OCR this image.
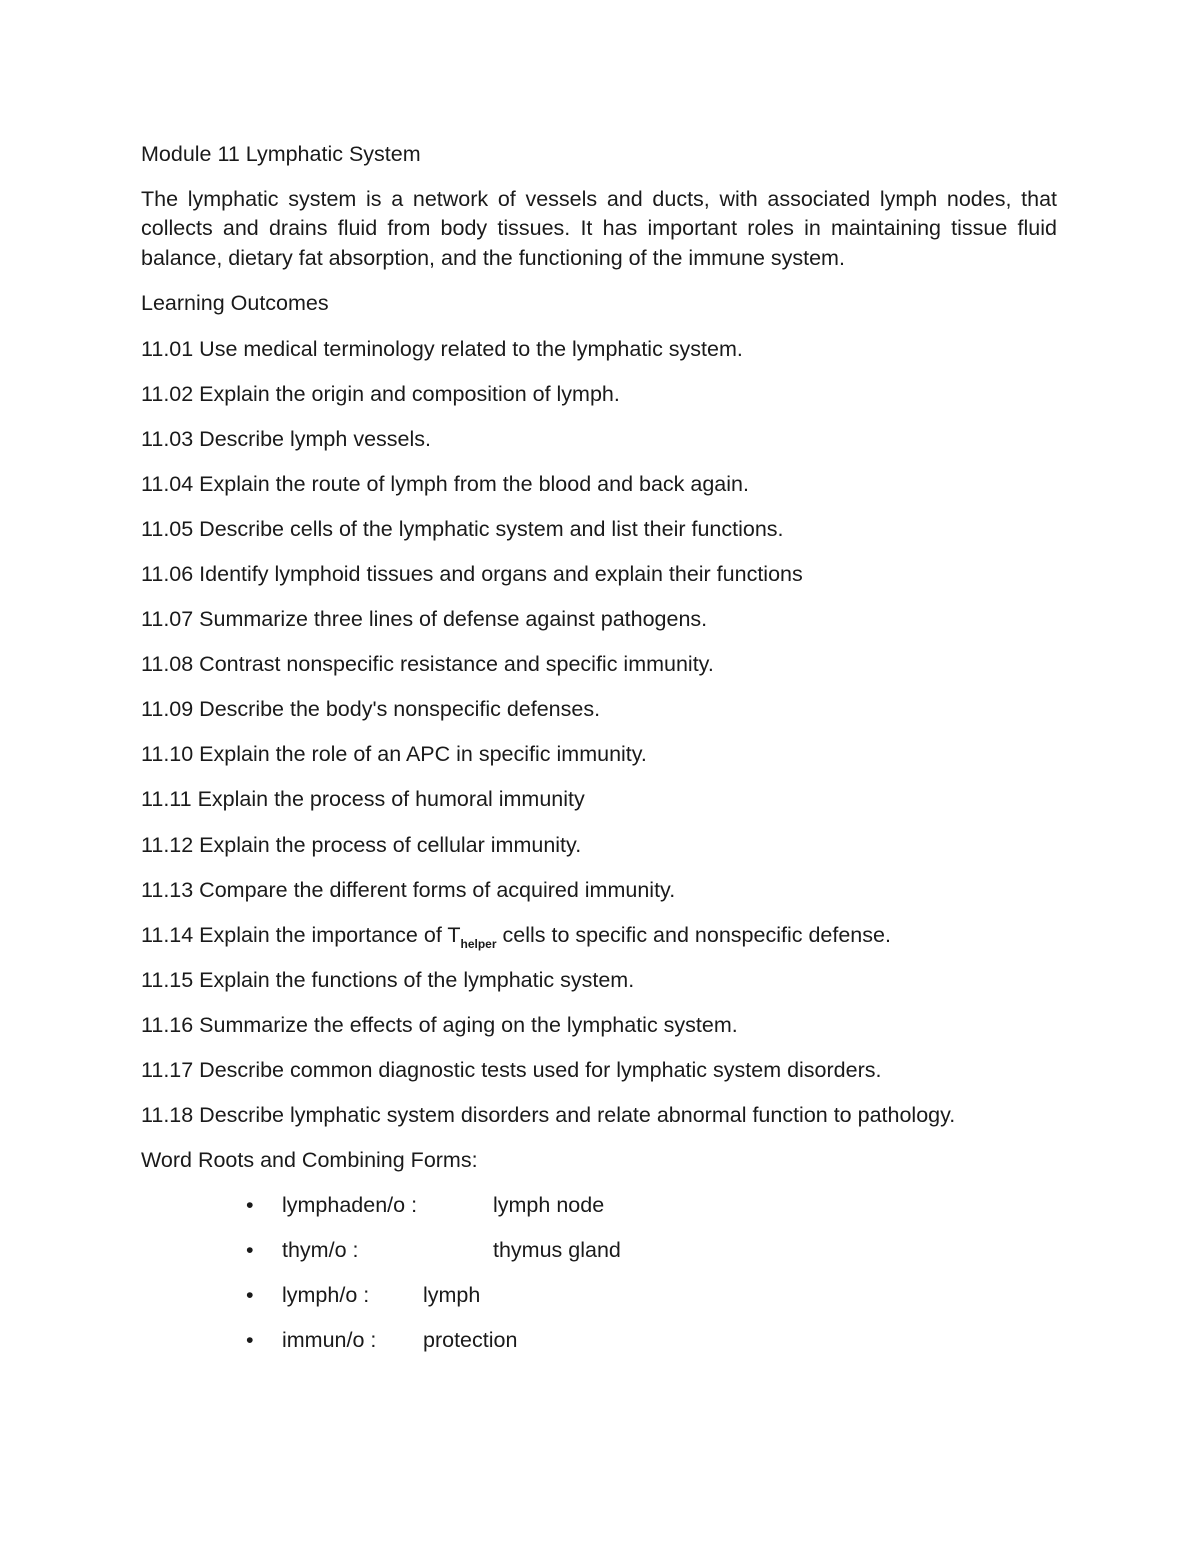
Module 11 Lymphatic System

The lymphatic system is a network of vessels and ducts, with associated lymph nodes, that collects and drains fluid from body tissues. It has important roles in maintaining tissue fluid balance, dietary fat absorption, and the functioning of the immune system.

Learning Outcomes

11.01 Use medical terminology related to the lymphatic system.
11.02 Explain the origin and composition of lymph.
11.03 Describe lymph vessels.
11.04 Explain the route of lymph from the blood and back again.
11.05 Describe cells of the lymphatic system and list their functions.
11.06 Identify lymphoid tissues and organs and explain their functions
11.07 Summarize three lines of defense against pathogens.
11.08 Contrast nonspecific resistance and specific immunity.
11.09 Describe the body's nonspecific defenses.
11.10 Explain the role of an APC in specific immunity.
11.11 Explain the process of humoral immunity
11.12 Explain the process of cellular immunity.
11.13 Compare the different forms of acquired immunity.
11.14 Explain the importance of $T_{helper}$ cells to specific and nonspecific defense.
11.15 Explain the functions of the lymphatic system.
11.16 Summarize the effects of aging on the lymphatic system.
11.17 Describe common diagnostic tests used for lymphatic system disorders.
11.18 Describe lymphatic system disorders and relate abnormal function to pathology.

Word Roots and Combining Forms:

• lymphaden/o :	lymph node
• thym/o :	thymus gland
• lymph/o :	lymph
• immun/o : protection
